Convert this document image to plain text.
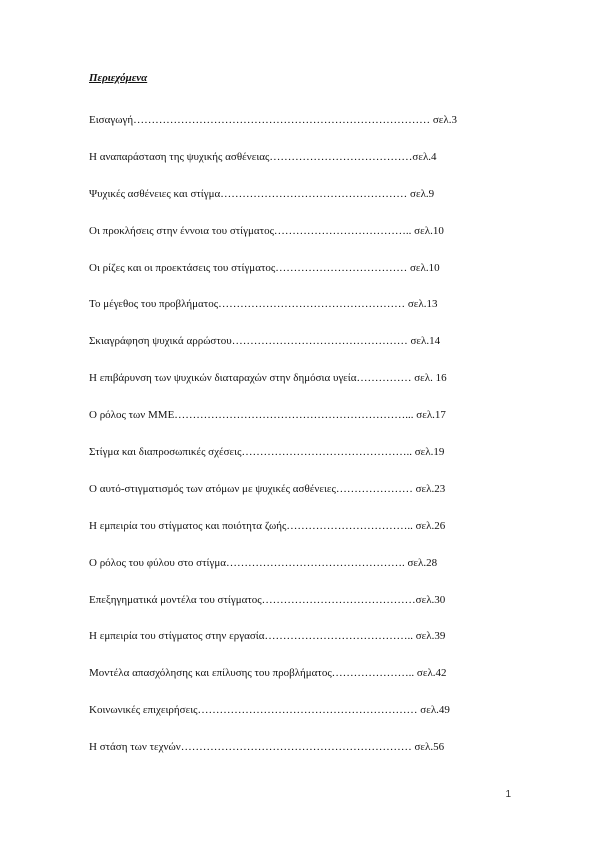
Περιεχόμενα
Εισαγωγή……………………………………………………………………… σελ.3
Η αναπαράσταση της ψυχικής ασθένειας…………………………………σελ.4
Ψυχικές ασθένειες και στίγμα…………………………………………… σελ.9
Οι προκλήσεις στην έννοια του στίγματος……………………………….. σελ.10
Οι ρίζες και οι προεκτάσεις του στίγματος……………………………… σελ.10
Το μέγεθος του προβλήματος…………………………………………… σελ.13
Σκιαγράφηση ψυχικά αρρώστου………………………………………… σελ.14
Η επιβάρυνση των ψυχικών διαταραχών στην δημόσια υγεία…………… σελ. 16
Ο ρόλος των ΜΜΕ………………………………………………………... σελ.17
Στίγμα και διαπροσωπικές σχέσεις……………………………………….. σελ.19
Ο αυτό-στιγματισμός των ατόμων με ψυχικές ασθένειες………………… σελ.23
Η εμπειρία του στίγματος και ποιότητα ζωής…………………………….. σελ.26
Ο ρόλος του φύλου στο στίγμα…………………………………………. σελ.28
Επεξηγηματικά μοντέλα του στίγματος……………………………………σελ.30
Η εμπειρία του στίγματος στην εργασία………………………………….. σελ.39
Μοντέλα απασχόλησης και επίλυσης του προβλήματος………………….. σελ.42
Κοινωνικές επιχειρήσεις…………………………………………………… σελ.49
Η στάση των τεχνών……………………………………………………… σελ.56
1
